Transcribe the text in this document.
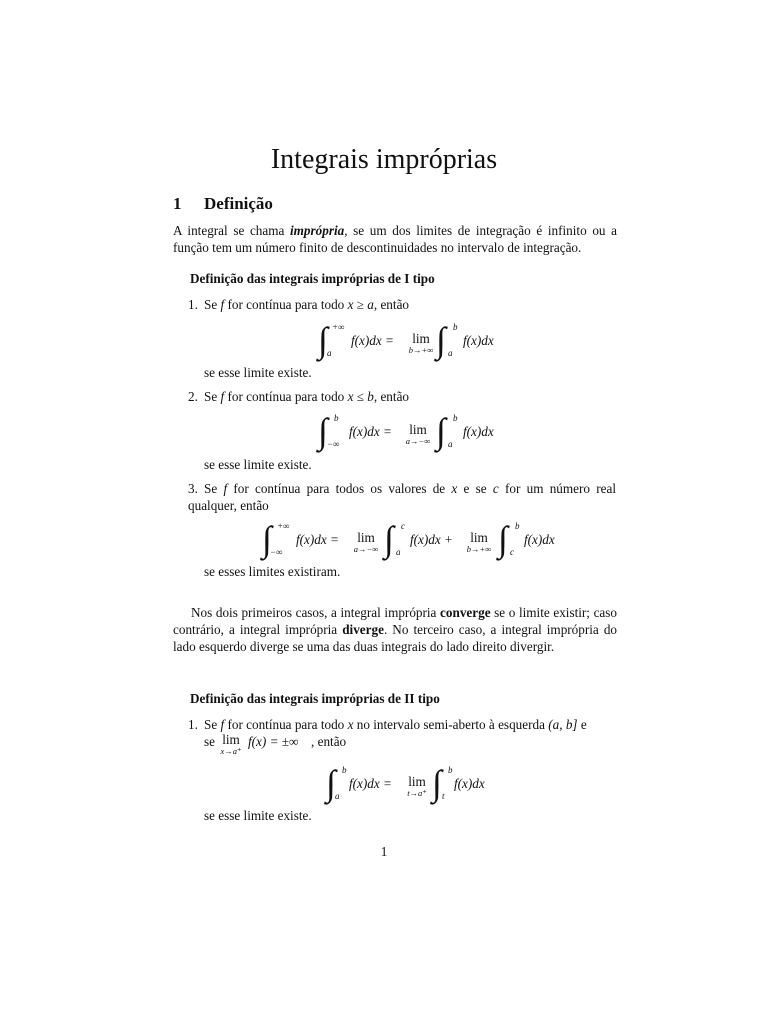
Integrais impróprias
1 Definição

A integral se chama imprópria, se um dos limites de integração é infinito ou a função tem um número finito de descontinuidades no intervalo de integração.

Definição das integrais impróprias de I tipo

1. Se f for contínua para todo x ≥ a, então

∫ +∞
a
f(x)dx =	lim
b→+∞ ∫ b
a
f(x)dx

se esse limite existe.

2. Se f for contínua para todo x ≤ b, então

∫ b
−∞
f(x)dx =	lim
a→−∞ ∫ b
a
f(x)dx

se esse limite existe.

3. Se f for contínua para todos os valores de x e se c for um número real qualquer, então

∫ +∞
−∞
f(x)dx =	lim
a→−∞ ∫ c
a
f(x)dx +	lim
b→+∞ ∫ b
c
f(x)dx

se esses limites existiram.

Nos dois primeiros casos, a integral imprópria converge se o limite existir; caso contrário, a integral imprópria diverge. No terceiro caso, a integral imprópria do lado esquerdo diverge se uma das duas integrais do lado direito divergir.

Definição das integrais impróprias de II tipo

1. Se f for contínua para todo x no intervalo semi-aberto à esquerda (a, b] e

se lim
x→a⁺
f(x) = ±∞ , então
∫ b
a
f(x)dx =	lim
t→a⁺ ∫ b
t
f(x)dx

se esse limite existe.

1
